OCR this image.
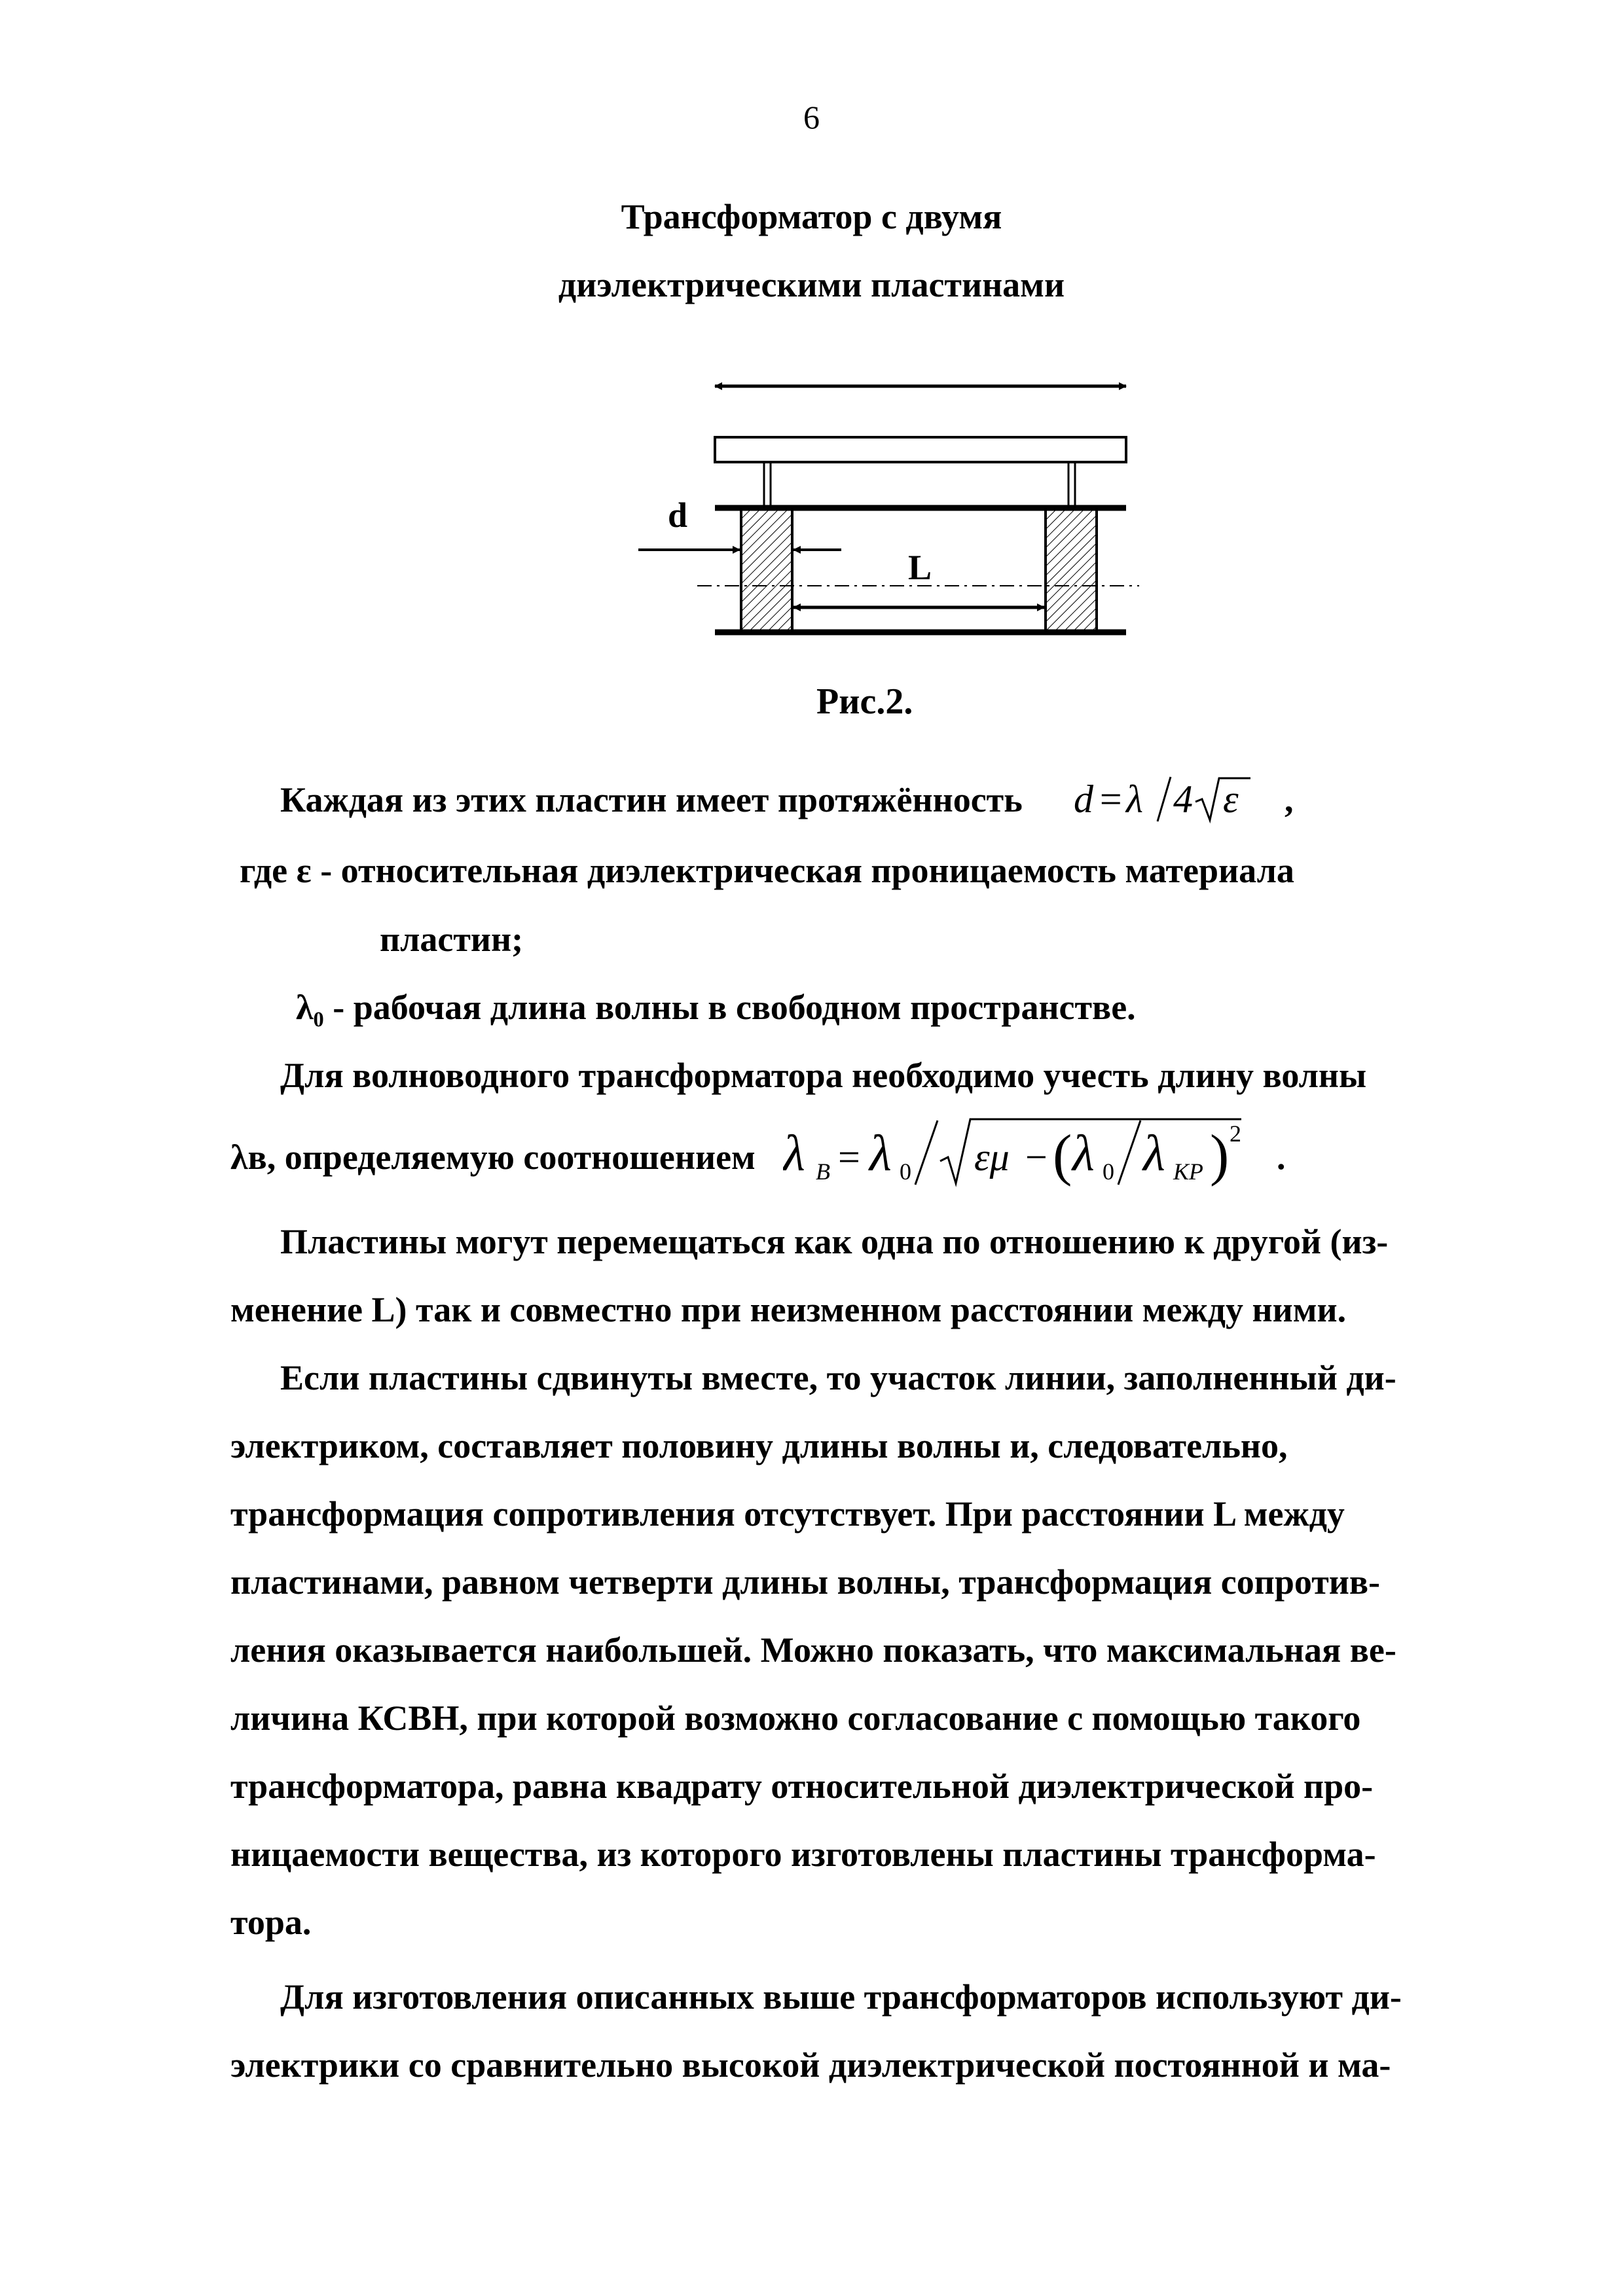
6
Трансформатор с двумя
диэлектрическими пластинами
d
L
Рис.2.
Каждая из этих пластин имеет протяжённость d = λ 4 ε ,
где ε - относительная диэлектрическая проницаемость материала
пластин;
λ₀ - рабочая длина волны в свободном пространстве.
Для волноводного трансформатора необходимо учесть длину волны
λв, определяемую соотношением λ В = λ 0 εμ − ( λ 0 λ КР ) 2
.
Пластины могут перемещаться как одна по отношению к другой (из-
менение L) так и совместно при неизменном расстоянии между ними.
Если пластины сдвинуты вместе, то участок линии, заполненный ди-
электриком, составляет половину длины волны и, следовательно,
трансформация сопротивления отсутствует. При расстоянии L между
пластинами, равном четверти длины волны, трансформация сопротив-
ления оказывается наибольшей. Можно показать, что максимальная ве-
личина КСВН, при которой возможно согласование с помощью такого
трансформатора, равна квадрату относительной диэлектрической про-
ницаемости вещества, из которого изготовлены пластины трансформа-
тора.
Для изготовления описанных выше трансформаторов используют ди-
электрики со сравнительно высокой диэлектрической постоянной и ма-
